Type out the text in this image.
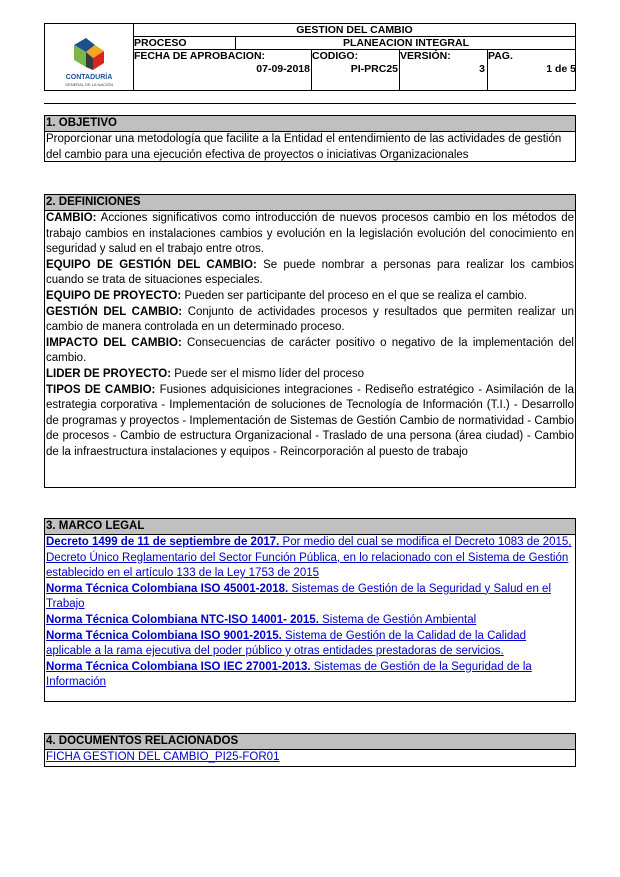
CONTADURÍA
GENERAL DE LA NACIÓN
GESTION DEL CAMBIO
PROCESO	PLANEACION INTEGRAL
FECHA DE APROBACION:
07-09-2018
CODIGO:
PI-PRC25
VERSIÓN:
3
PAG.
1 de 5
1. OBJETIVO
Proporcionar una metodología que facilite a la Entidad el entendimiento de las actividades de gestión del cambio para una ejecución efectiva de proyectos o iniciativas Organizacionales
2. DEFINICIONES

CAMBIO: Acciones significativos como introducción de nuevos procesos cambio en los métodos de trabajo cambios en instalaciones cambios y evolución en la legislación evolución del conocimiento en seguridad y salud en el trabajo entre otros.

EQUIPO DE GESTIÓN DEL CAMBIO: Se puede nombrar a personas para realizar los cambios cuando se trata de situaciones especiales.

EQUIPO DE PROYECTO: Pueden ser participante del proceso en el que se realiza el cambio.

GESTIÓN DEL CAMBIO: Conjunto de actividades procesos y resultados que permiten realizar un cambio de manera controlada en un determinado proceso.

IMPACTO DEL CAMBIO: Consecuencias de carácter positivo o negativo de la implementación del cambio.

LIDER DE PROYECTO: Puede ser el mismo líder del proceso

TIPOS DE CAMBIO: Fusiones adquisiciones integraciones - Rediseño estratégico - Asimilación de la estrategia corporativa - Implementación de soluciones de Tecnología de Información (T.I.) - Desarrollo de programas y proyectos - Implementación de Sistemas de Gestión Cambio de normatividad - Cambio de procesos - Cambio de estructura Organizacional - Traslado de una persona (área ciudad) - Cambio de la infraestructura instalaciones y equipos - Reincorporación al puesto de trabajo

3. MARCO LEGAL

Decreto 1499 de 11 de septiembre de 2017. Por medio del cual se modifica el Decreto 1083 de 2015, Decreto Único Reglamentario del Sector Función Pública, en lo relacionado con el Sistema de Gestión establecido en el artículo 133 de la Ley 1753 de 2015

Norma Técnica Colombiana ISO 45001-2018. Sistemas de Gestión de la Seguridad y Salud en el Trabajo

Norma Técnica Colombiana NTC-ISO 14001- 2015. Sistema de Gestión Ambiental

Norma Técnica Colombiana ISO 9001-2015. Sistema de Gestión de la Calidad de la Calidad aplicable a la rama ejecutiva del poder público y otras entidades prestadoras de servicios.

Norma Técnica Colombiana ISO IEC 27001-2013. Sistemas de Gestión de la Seguridad de la Información

4. DOCUMENTOS RELACIONADOS
FICHA GESTION DEL CAMBIO_PI25-FOR01
